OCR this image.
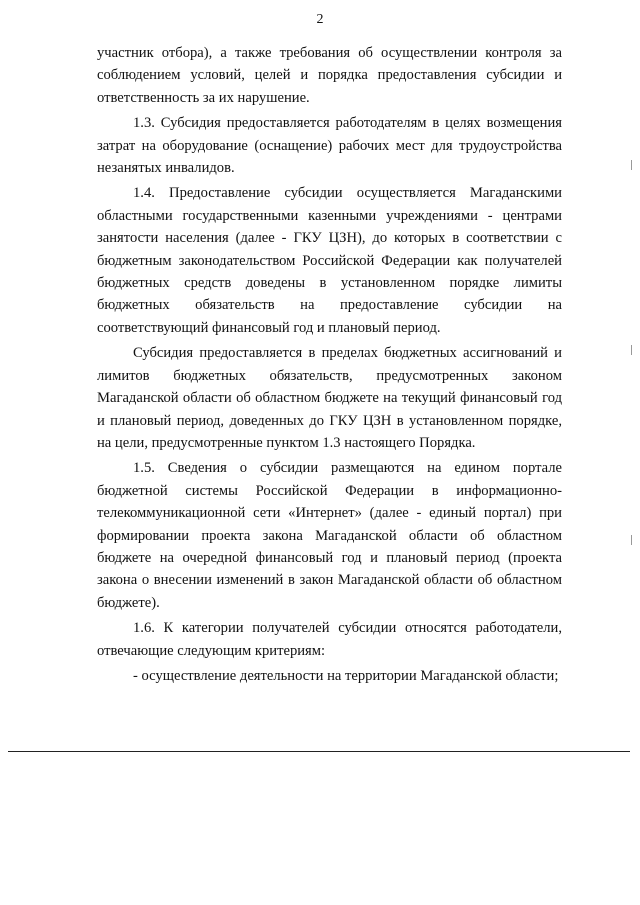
2

участник отбора), а также требования об осуществлении контроля за соблюдением условий, целей и порядка предоставления субсидии и ответственность за их нарушение.

1.3. Субсидия предоставляется работодателям в целях возмещения затрат на оборудование (оснащение) рабочих мест для трудоустройства незанятых инвалидов.

1.4. Предоставление субсидии осуществляется Магаданскими областными государственными казенными учреждениями - центрами занятости населения (далее - ГКУ ЦЗН), до которых в соответствии с бюджетным законодательством Российской Федерации как получателей бюджетных средств доведены в установленном порядке лимиты бюджетных обязательств на предоставление субсидии на соответствующий финансовый год и плановый период.

Субсидия предоставляется в пределах бюджетных ассигнований и лимитов бюджетных обязательств, предусмотренных законом Магаданской области об областном бюджете на текущий финансовый год и плановый период, доведенных до ГКУ ЦЗН в установленном порядке, на цели, предусмотренные пунктом 1.3 настоящего Порядка.

1.5. Сведения о субсидии размещаются на едином портале бюджетной системы Российской Федерации в информационно-телекоммуникационной сети «Интернет» (далее - единый портал) при формировании проекта закона Магаданской области об областном бюджете на очередной финансовый год и плановый период (проекта закона о внесении изменений в закон Магаданской области об областном бюджете).

1.6. К категории получателей субсидии относятся работодатели, отвечающие следующим критериям:

- осуществление деятельности на территории Магаданской области;
